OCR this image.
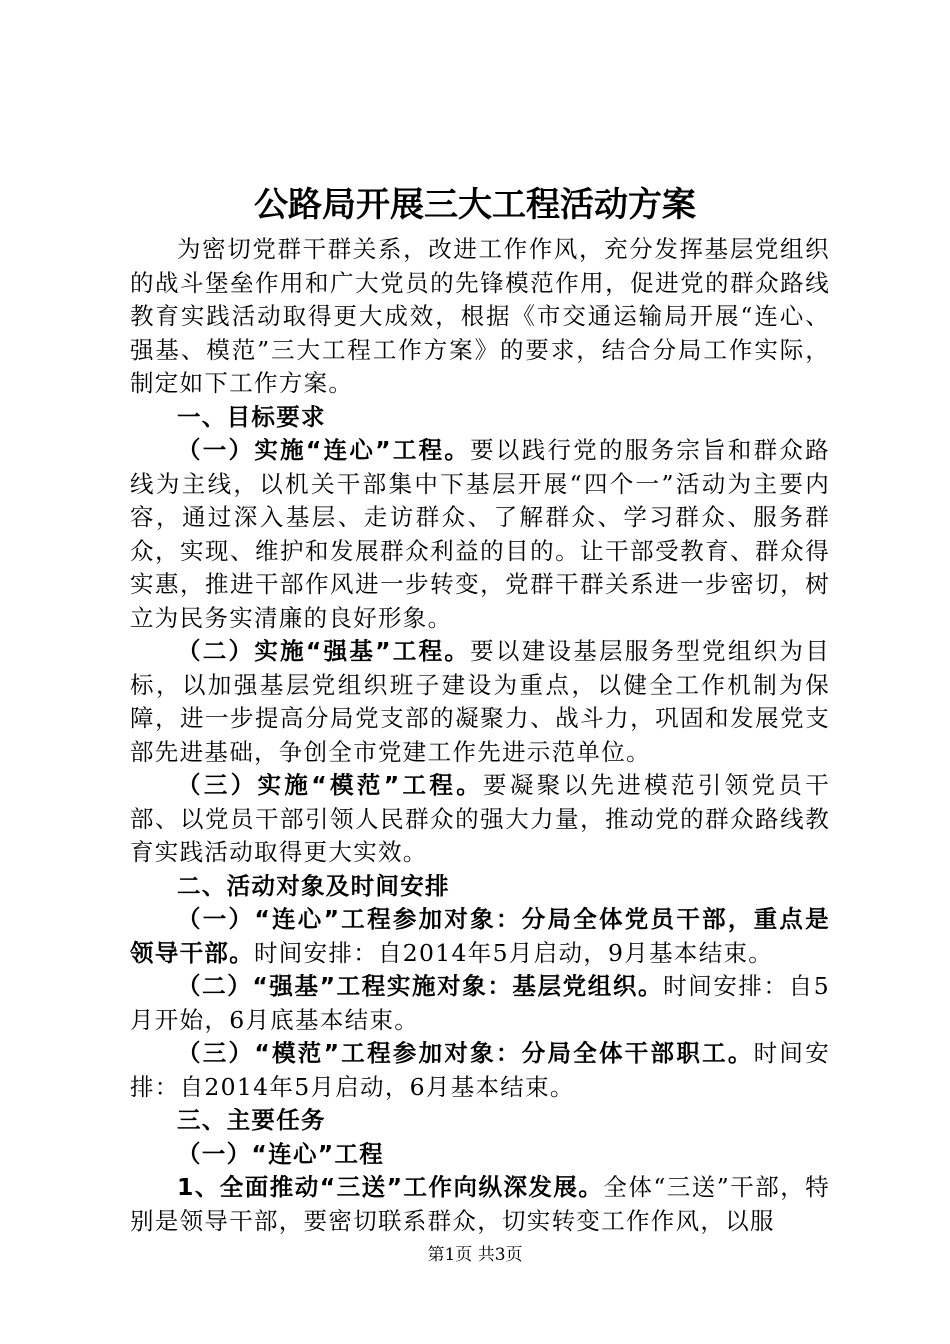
公路局开展三大工程活动方案

为密切党群干群关系，改进工作作风，充分发挥基层党组织的战斗堡垒作用和广大党员的先锋模范作用，促进党的群众路线教育实践活动取得更大成效，根据《市交通运输局开展“连心、强基、模范”三大工程工作方案》的要求，结合分局工作实际，制定如下工作方案。

一、目标要求

（一）实施“连心”工程。要以践行党的服务宗旨和群众路线为主线，以机关干部集中下基层开展“四个一”活动为主要内容，通过深入基层、走访群众、了解群众、学习群众、服务群众，实现、维护和发展群众利益的目的。让干部受教育、群众得实惠，推进干部作风进一步转变，党群干群关系进一步密切，树立为民务实清廉的良好形象。

（二）实施“强基”工程。要以建设基层服务型党组织为目标，以加强基层党组织班子建设为重点，以健全工作机制为保障，进一步提高分局党支部的凝聚力、战斗力，巩固和发展党支部先进基础，争创全市党建工作先进示范单位。

（三）实施“模范”工程。要凝聚以先进模范引领党员干部、以党员干部引领人民群众的强大力量，推动党的群众路线教育实践活动取得更大实效。

二、活动对象及时间安排

（一）“连心”工程参加对象：分局全体党员干部，重点是领导干部。时间安排：自2014年5月启动，9月基本结束。

（二）“强基”工程实施对象：基层党组织。时间安排：自5月开始，6月底基本结束。

（三）“模范”工程参加对象：分局全体干部职工。时间安排：自2014年5月启动，6月基本结束。

三、主要任务

（一）“连心”工程

1、全面推动“三送”工作向纵深发展。全体“三送”干部，特别是领导干部，要密切联系群众，切实转变工作作风，以服

第1页 共3页
